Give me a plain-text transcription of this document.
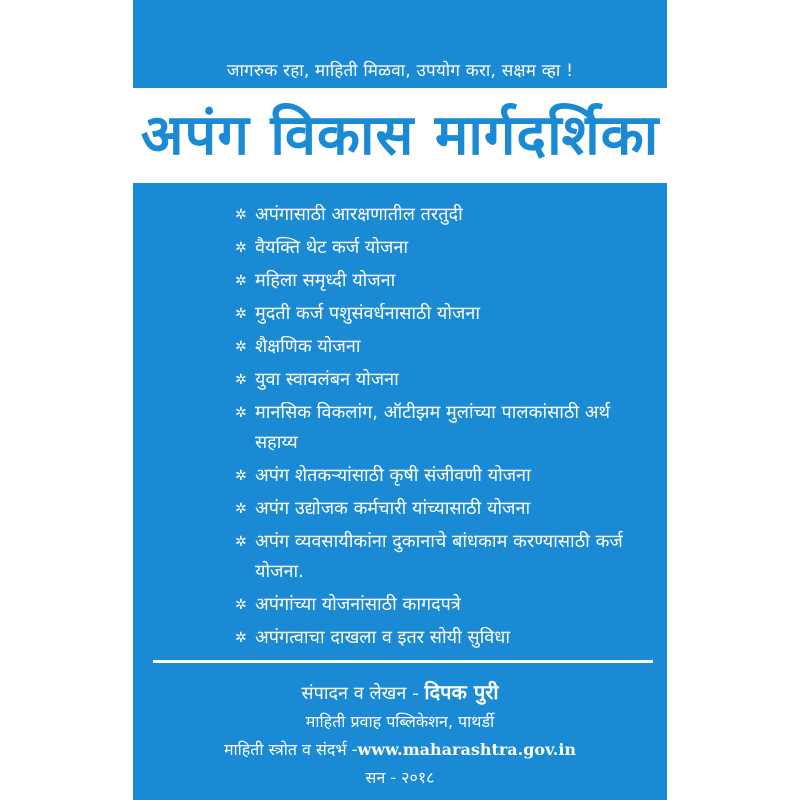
जागरुक रहा, माहिती मिळवा, उपयोग करा, सक्षम व्हा !
अपंग विकास मार्गदर्शिका
✲ अपंगासाठी आरक्षणातील तरतुदी
✲ वैयक्ति थेट कर्ज योजना
✲ महिला समृध्दी योजना
✲ मुदती कर्ज पशुसंवर्धनासाठी योजना
✲ शैक्षणिक योजना
✲ युवा स्वावलंबन योजना
✲ मानसिक विकलांग, ऑटीझम मुलांच्या पालकांसाठी अर्थ सहाय्य
✲ अपंग शेतकऱ्यांसाठी कृषी संजीवणी योजना
✲ अपंग उद्योजक कर्मचारी यांच्यासाठी योजना
✲ अपंग व्यवसायीकांना दुकानाचे बांधकाम करण्यासाठी कर्ज योजना.
✲ अपंगांच्या योजनांसाठी कागदपत्रे
✲ अपंगत्वाचा दाखला व इतर सोयी सुविधा
संपादन व लेखन - दिपक पुरी
माहिती प्रवाह पब्लिकेशन, पाथर्डी
माहिती स्त्रोत व संदर्भ -www.maharashtra.gov.in
सन - २०१८
